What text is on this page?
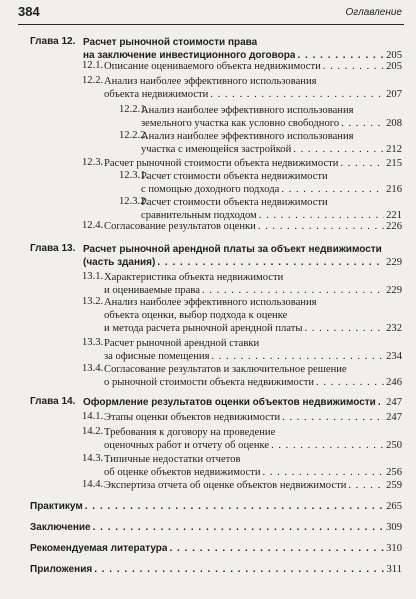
384	Оглавление
Глава 12. Расчет рыночной стоимости права
на заключение инвестиционного договора . . .	205
12.1. Описание оцениваемого объекта недвижимости . . .	205
12.2. Анализ наиболее эффективного использования
объекта недвижимости . . .	207
12.2.1.
Анализ наиболее эффективного использования
земельного участка как условно свободного . . .	208
12.2.2.
Анализ наиболее эффективного использования
участка с имеющейся застройкой . . .	212
12.3. Расчет рыночной стоимости объекта недвижимости . . .	215
12.3.1.
Расчет стоимости объекта недвижимости
с помощью доходного подхода . . .	216
12.3.2.
Расчет стоимости объекта недвижимости
сравнительным подходом . . .	221
12.4. Согласование результатов оценки . . .	226
Глава 13. Расчет рыночной арендной платы за объект недвижимости
(часть здания) . . .	229
13.1. Характеристика объекта недвижимости
и оцениваемые права . . .	229
13.2. Анализ наиболее эффективного использования
объекта оценки, выбор подхода к оценке
и метода расчета рыночной арендной платы . . .	232
13.3. Расчет рыночной арендной ставки
за офисные помещения . . .	234
13.4. Согласование результатов и заключительное решение
о рыночной стоимости объекта недвижимости . . .	246
Глава 14. Оформление результатов оценки объектов недвижимости . . . 247
14.1. Этапы оценки объектов недвижимости . . .	247
14.2. Требования к договору на проведение
оценочных работ и отчету об оценке . . .	250
14.3. Типичные недостатки отчетов
об оценке объектов недвижимости . . .	256
14.4. Экспертиза отчета об оценке объектов недвижимости . . .	259
Практикум . . .	265
Заключение . . .	309
Рекомендуемая литература . . .	310
Приложения . . .	311
